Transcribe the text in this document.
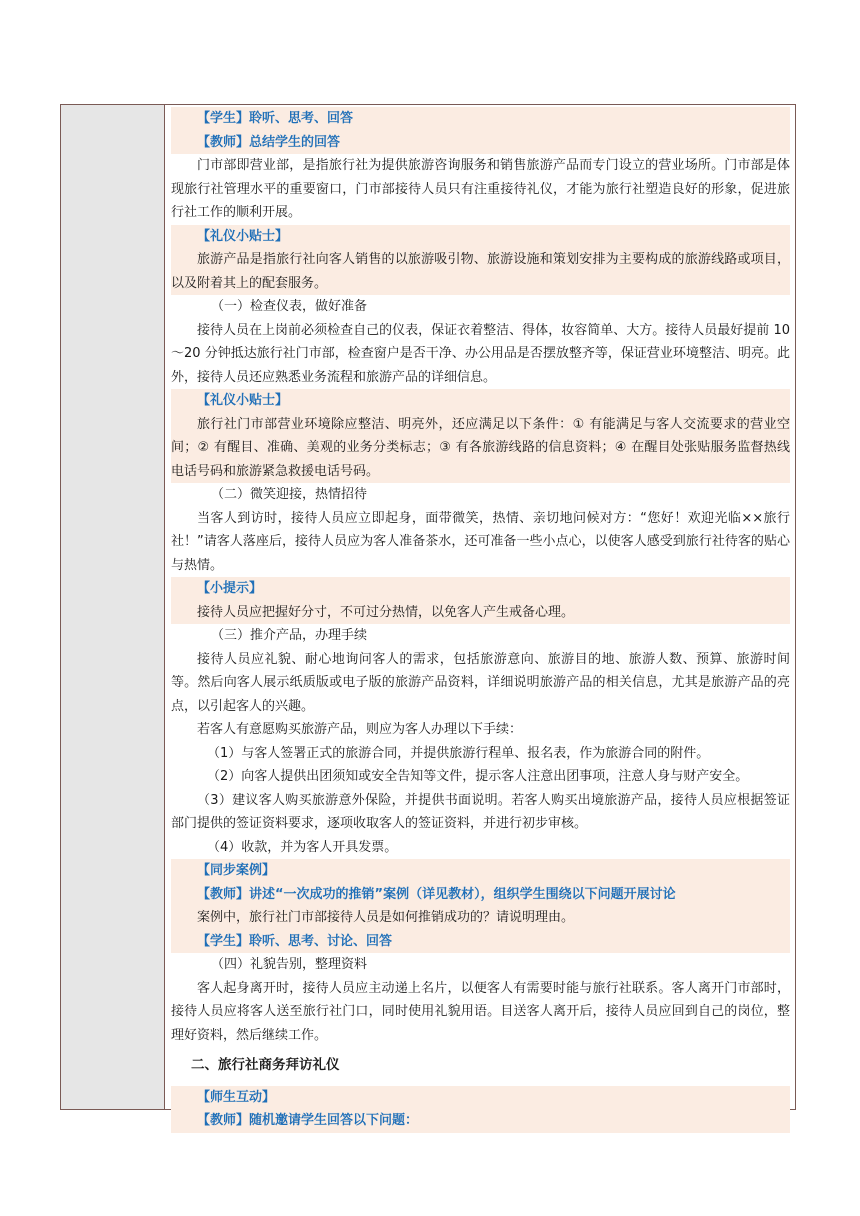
【学生】聆听、思考、回答
【教师】总结学生的回答

门市部即营业部，是指旅行社为提供旅游咨询服务和销售旅游产品而专门设立的营业场所。门市部是体现旅行社管理水平的重要窗口，门市部接待人员只有注重接待礼仪，才能为旅行社塑造良好的形象，促进旅行社工作的顺利开展。

【礼仪小贴士】

旅游产品是指旅行社向客人销售的以旅游吸引物、旅游设施和策划安排为主要构成的旅游线路或项目，以及附着其上的配套服务。

（一）检查仪表，做好准备

接待人员在上岗前必须检查自己的仪表，保证衣着整洁、得体，妆容简单、大方。接待人员最好提前 10～20 分钟抵达旅行社门市部，检查窗户是否干净、办公用品是否摆放整齐等，保证营业环境整洁、明亮。此外，接待人员还应熟悉业务流程和旅游产品的详细信息。

【礼仪小贴士】

旅行社门市部营业环境除应整洁、明亮外，还应满足以下条件：① 有能满足与客人交流要求的营业空间；② 有醒目、准确、美观的业务分类标志；③ 有各旅游线路的信息资料；④ 在醒目处张贴服务监督热线电话号码和旅游紧急救援电话号码。

（二）微笑迎接，热情招待

当客人到访时，接待人员应立即起身，面带微笑，热情、亲切地问候对方：“您好！欢迎光临××旅行社！”请客人落座后，接待人员应为客人准备茶水，还可准备一些小点心，以使客人感受到旅行社待客的贴心与热情。

【小提示】

接待人员应把握好分寸，不可过分热情，以免客人产生戒备心理。

（三）推介产品，办理手续

接待人员应礼貌、耐心地询问客人的需求，包括旅游意向、旅游目的地、旅游人数、预算、旅游时间等。然后向客人展示纸质版或电子版的旅游产品资料，详细说明旅游产品的相关信息，尤其是旅游产品的亮点，以引起客人的兴趣。

若客人有意愿购买旅游产品，则应为客人办理以下手续：

（1）与客人签署正式的旅游合同，并提供旅游行程单、报名表，作为旅游合同的附件。
（2）向客人提供出团须知或安全告知等文件，提示客人注意出团事项，注意人身与财产安全。

（3）建议客人购买旅游意外保险，并提供书面说明。若客人购买出境旅游产品，接待人员应根据签证部门提供的签证资料要求，逐项收取客人的签证资料，并进行初步审核。

（4）收款，并为客人开具发票。
【同步案例】
【教师】讲述“一次成功的推销”案例（详见教材），组织学生围绕以下问题开展讨论

案例中，旅行社门市部接待人员是如何推销成功的？请说明理由。

【学生】聆听、思考、讨论、回答
（四）礼貌告别，整理资料

客人起身离开时，接待人员应主动递上名片，以便客人有需要时能与旅行社联系。客人离开门市部时，接待人员应将客人送至旅行社门口，同时使用礼貌用语。目送客人离开后，接待人员应回到自己的岗位，整理好资料，然后继续工作。

二、旅行社商务拜访礼仪
【师生互动】
【教师】随机邀请学生回答以下问题：
